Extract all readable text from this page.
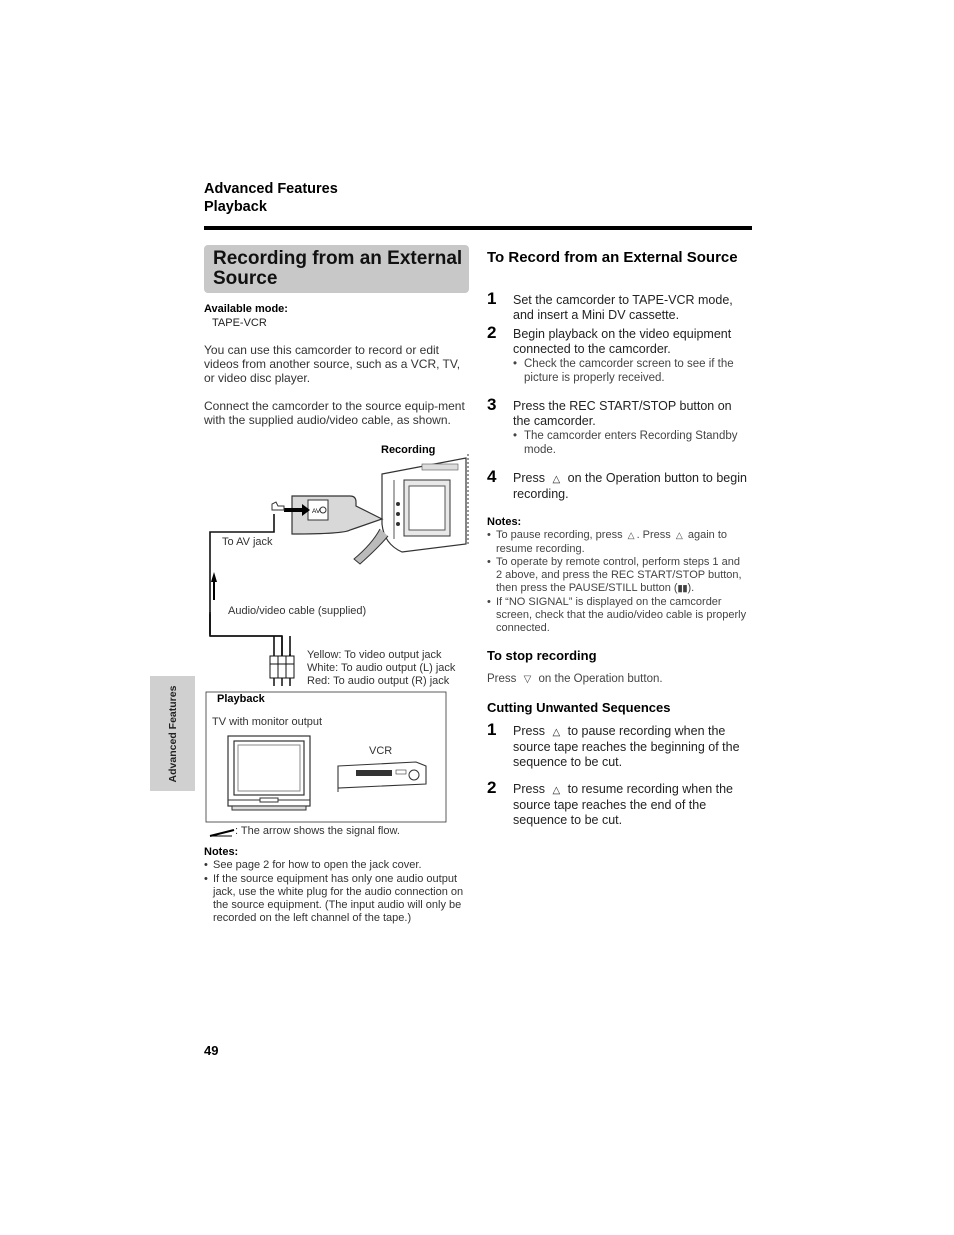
Advanced Features
Playback
Recording from an External Source
Available mode:
TAPE-VCR
You can use this camcorder to record or edit videos from another source, such as a VCR, TV, or video disc player.
Connect the camcorder to the source equip-ment with the supplied audio/video cable, as shown.
AV
Recording
To AV jack
Audio/video cable (supplied)
Yellow: To video output jack
White: To audio output (L) jack
Red: To audio output (R) jack
Playback
TV with monitor output
VCR
: The arrow shows the signal flow.
Notes:
• See page 2 for how to open the jack cover.
• If the source equipment has only one audio output jack, use the white plug for the audio connection on the source equipment. (The input audio will only be recorded on the left channel of the tape.)
Advanced Features
49
To Record from an External Source
1 Set the camcorder to TAPE-VCR mode, and insert a Mini DV cassette.
2 Begin playback on the video equipment connected to the camcorder.
• Check the camcorder screen to see if the picture is properly received.
3 Press the REC START/STOP button on the camcorder.
• The camcorder enters Recording Standby mode.
4 Press △ on the Operation button to begin recording.
Notes:
• To pause recording, press △ . Press △ again to resume recording.
• To operate by remote control, perform steps 1 and 2 above, and press the REC START/STOP button, then press the PAUSE/STILL button (▮▮).
• If “NO SIGNAL” is displayed on the camcorder screen, check that the audio/video cable is properly connected.
To stop recording
Press ▽ on the Operation button.
Cutting Unwanted Sequences
1 Press △ to pause recording when the source tape reaches the beginning of the sequence to be cut.
2 Press △ to resume recording when the source tape reaches the end of the sequence to be cut.
